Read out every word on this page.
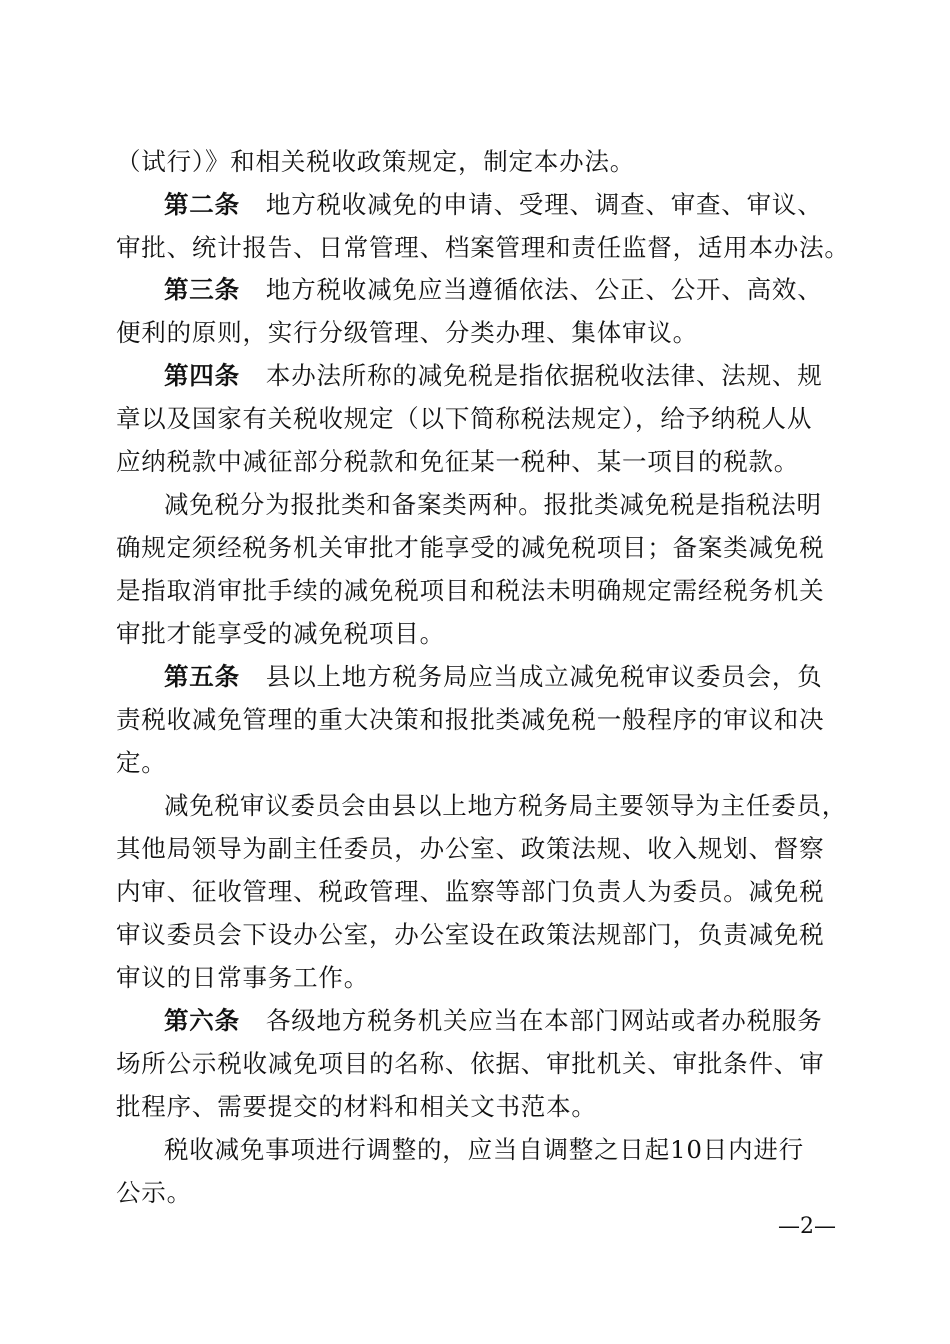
（试行）》和相关税收政策规定，制定本办法。
第二条 地方税收减免的申请、受理、调查、审查、审议、
审批、统计报告、日常管理、档案管理和责任监督，适用本办法。
第三条 地方税收减免应当遵循依法、公正、公开、高效、
便利的原则，实行分级管理、分类办理、集体审议。
第四条 本办法所称的减免税是指依据税收法律、法规、规
章以及国家有关税收规定（以下简称税法规定），给予纳税人从
应纳税款中减征部分税款和免征某一税种、某一项目的税款。
减免税分为报批类和备案类两种。报批类减免税是指税法明
确规定须经税务机关审批才能享受的减免税项目；备案类减免税
是指取消审批手续的减免税项目和税法未明确规定需经税务机关
审批才能享受的减免税项目。
第五条 县以上地方税务局应当成立减免税审议委员会，负
责税收减免管理的重大决策和报批类减免税一般程序的审议和决
定。
减免税审议委员会由县以上地方税务局主要领导为主任委员，
其他局领导为副主任委员，办公室、政策法规、收入规划、督察
内审、征收管理、税政管理、监察等部门负责人为委员。减免税
审议委员会下设办公室，办公室设在政策法规部门，负责减免税
审议的日常事务工作。
第六条 各级地方税务机关应当在本部门网站或者办税服务
场所公示税收减免项目的名称、依据、审批机关、审批条件、审
批程序、需要提交的材料和相关文书范本。
税收减免事项进行调整的，应当自调整之日起10日内进行
公示。
—2—
